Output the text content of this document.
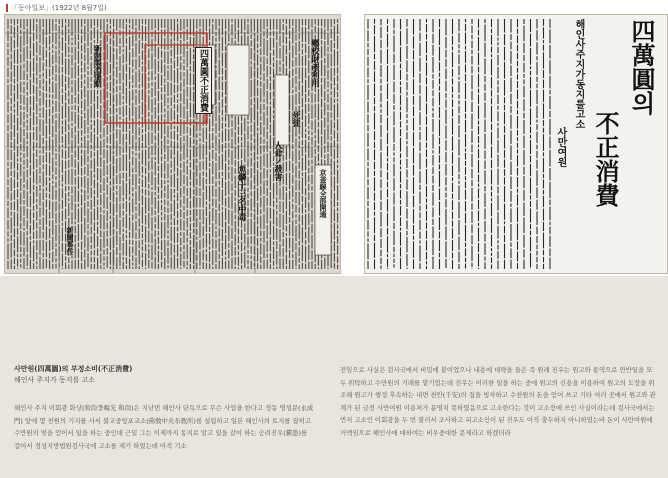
「동아일보」(1922년 8월7일)
四萬圓不正消費	鄕校財產利用
新制製造運動
死徒
人命ノ殺害
魚鱗十三名中毒
新聞事件
京釜線全部開通
四萬圓의
不正消費
해인사주지가동지를고소
사만여원
사만원(四萬圓)의 부정소비(不正消費)
해인사 주지가 동지를 고소

해인사 주지 이회광 화상(和尙李晦光 和尙)은 지난번 해인사 단독으로 무슨 사업을 한다고 정동 영성문(永成門) 앞에 몇 천원의 기지를 사서 불교중앙포교소(佛敎中央布敎所)를 설립하고 일본 해인사의 토지를 잡히고 수만원의 빚을 얻어서 일을 하는 중인데 근일 그는 이제까지 동지로 알고 일을 같이 하는 승려진우(鎭愚)를 걸어서 경성지방법원검사국에 고소를 제기 하였는데 아직 기소

전임으로 사실은 검사국에서 비밀에 붙이었으나 내용에 대략을 들은 즉 원래 진우는 원고와 통역으로 만반일을 모두 위탁하고 수만원의 거래를 맡기었는데 진우는 이러한 일을 하는 중에 원고의 신용을 이용하여 원고의 도장을 위조해 원고가 행정 후속하는 내면 천안(千安)의 집을 빙자하고 수천원의 돈을 얻어 쓰고 기타 여러 곳에서 원고와 관계가 된 금전 사만여원 이용처가 분명치 못하였음으로 고소한다는 것이 고소장에 쓰인 사실이라는데 검사국에서는 먼저 고소인 이회광을 두 번 불러서 조사하고 피고소인이 된 진우도 아직 출두하지 아니하였는바 돈이 사만여원에 거액임으로 해인사에 대하여는 비우중대한 문제라고 하겠더라
